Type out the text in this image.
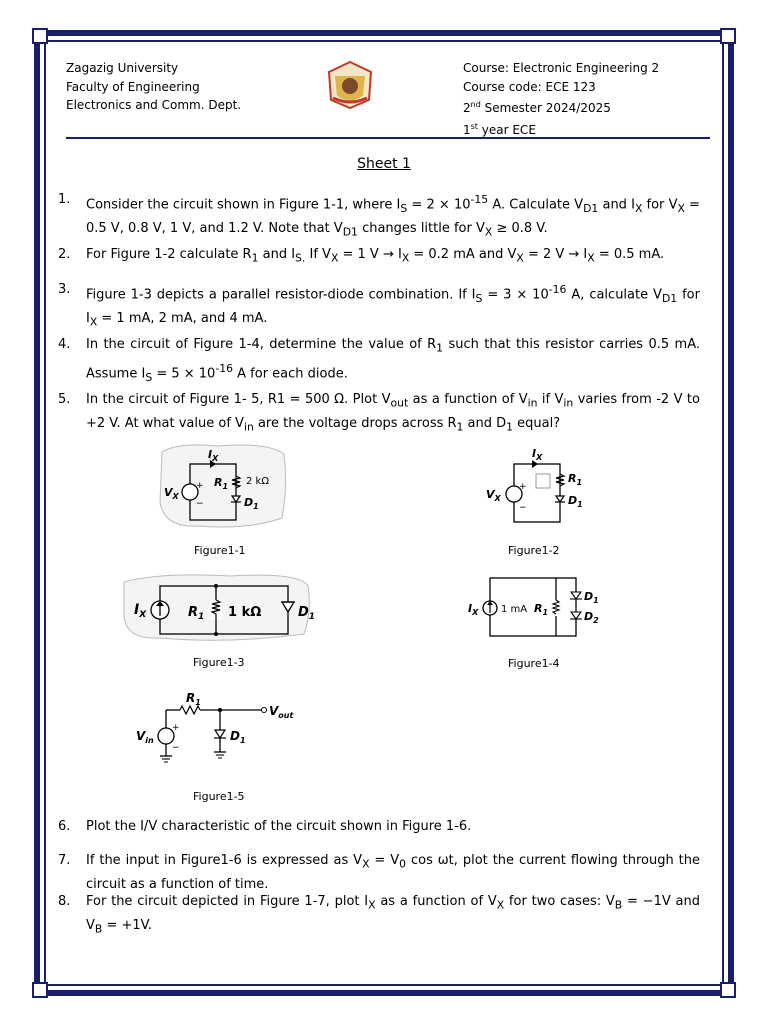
Zagazig University
Faculty of Engineering
Electronics and Comm. Dept.
Course: Electronic Engineering 2
Course code: ECE 123
2nd Semester 2024/2025
1st year ECE
Sheet 1
1. Consider the circuit shown in Figure 1-1, where $I_S = 2 \times 10^{-15}$ A. Calculate $V_{D1}$ and $I_X$ for $V_X = 0.5$ V, 0.8 V, 1 V, and 1.2 V. Note that $V_{D1}$ changes little for $V_X \ge 0.8$ V.
2. For Figure 1-2 calculate $R_1$ and $I_{S.}$ If $V_X = 1$ $V \to I_X = 0.2$ mA and $V_X = 2$ $V \to I_X = 0.5$ mA.
3. Figure 1-3 depicts a parallel resistor-diode combination. If $I_S = 3 \times 10^{-16}$ A, calculate $V_{D1}$ for $I_X = 1$ mA, 2 mA, and 4 mA.
4. In the circuit of Figure 1-4, determine the value of $R_1$ such that this resistor carries 0.5 mA. Assume $I_S = 5 \times 10^{-16}$ A for each diode.
5. In the circuit of Figure 1- 5, R1 = 500 Ω. Plot $V_{out}$ as a function of $V_{in}$ if $V_{in}$ varies from -2 V to +2 V. At what value of $V_{in}$ are the voltage drops across $R_1$ and $D_1$ equal?
$I_X$
$R_1$ 2 kΩ
$D_1$
$V_X$
+
−
Figure1-1
$I_X$
$R_1$
$D_1$
$V_X$
+
−
Figure1-2
$I_X$	$R_1$ 1 kΩ	$D_1$
Figure1-3
$I_X$ 1 mA $R_1$
$D_1$
$D_2$
Figure1-4
$R_1$
$V_{out}$
$V_{in}$
+
−
$D_1$
Figure1-5
6. Plot the I/V characteristic of the circuit shown in Figure 1-6.
7. If the input in Figure1-6 is expressed as $V_X = V_0$ cos ωt, plot the current flowing through the circuit as a function of time.
8. For the circuit depicted in Figure 1-7, plot $I_X$ as a function of $V_X$ for two cases: $V_B = -1V$ and $V_B = +1V$.
